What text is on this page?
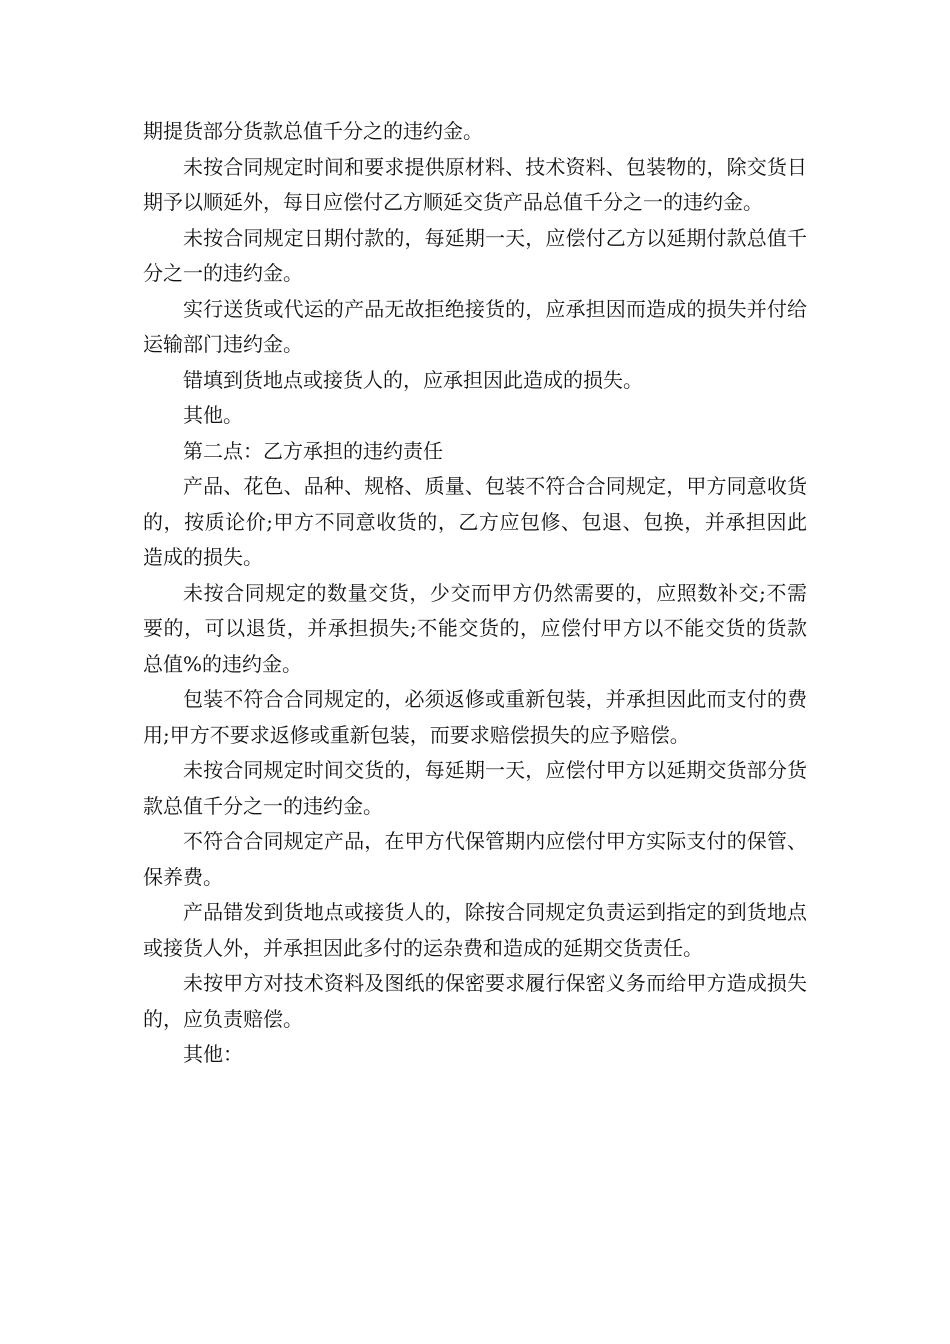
期提货部分货款总值千分之的违约金。

未按合同规定时间和要求提供原材料、技术资料、包装物的，除交货日期予以顺延外，每日应偿付乙方顺延交货产品总值千分之一的违约金。

未按合同规定日期付款的，每延期一天，应偿付乙方以延期付款总值千分之一的违约金。

实行送货或代运的产品无故拒绝接货的，应承担因而造成的损失并付给运输部门违约金。

错填到货地点或接货人的，应承担因此造成的损失。

其他。

第二点：乙方承担的违约责任

产品、花色、品种、规格、质量、包装不符合合同规定，甲方同意收货的，按质论价;甲方不同意收货的，乙方应包修、包退、包换，并承担因此造成的损失。

未按合同规定的数量交货，少交而甲方仍然需要的，应照数补交;不需要的，可以退货，并承担损失;不能交货的，应偿付甲方以不能交货的货款总值%的违约金。

包装不符合合同规定的，必须返修或重新包装，并承担因此而支付的费用;甲方不要求返修或重新包装，而要求赔偿损失的应予赔偿。

未按合同规定时间交货的，每延期一天，应偿付甲方以延期交货部分货款总值千分之一的违约金。

不符合合同规定产品，在甲方代保管期内应偿付甲方实际支付的保管、保养费。

产品错发到货地点或接货人的，除按合同规定负责运到指定的到货地点或接货人外，并承担因此多付的运杂费和造成的延期交货责任。

未按甲方对技术资料及图纸的保密要求履行保密义务而给甲方造成损失的，应负责赔偿。

其他：
